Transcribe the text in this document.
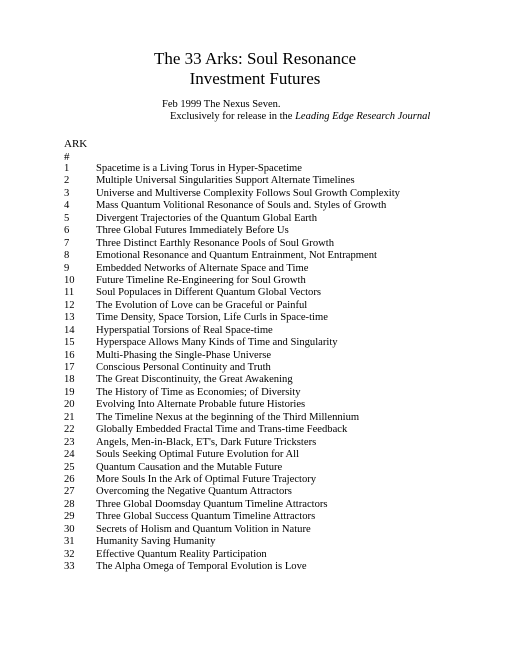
The 33 Arks: Soul Resonance
Investment Futures
Feb 1999 The Nexus Seven.
Exclusively for release in the Leading Edge Research Journal
ARK
#
1	Spacetime is a Living Torus in Hyper-Spacetime
2	Multiple Universal Singularities Support Alternate Timelines
3	Universe and Multiverse Complexity Follows Soul Growth Complexity
4	Mass Quantum Volitional Resonance of Souls and. Styles of Growth
5	Divergent Trajectories of the Quantum Global Earth
6	Three Global Futures Immediately Before Us
7	Three Distinct Earthly Resonance Pools of Soul Growth
8	Emotional Resonance and Quantum Entrainment, Not Entrapment
9	Embedded Networks of Alternate Space and Time
10 Future Timeline Re-Engineering for Soul Growth
11 Soul Populaces in Different Quantum Global Vectors
12 The Evolution of Love can be Graceful or Painful
13 Time Density, Space Torsion, Life Curls in Space-time
14 Hyperspatial Torsions of Real Space-time
15 Hyperspace Allows Many Kinds of Time and Singularity
16 Multi-Phasing the Single-Phase Universe
17 Conscious Personal Continuity and Truth
18 The Great Discontinuity, the Great Awakening
19 The History of Time as Economies; of Diversity
20 Evolving Into Alternate Probable future Histories
21 The Timeline Nexus at the beginning of the Third Millennium
22 Globally Embedded Fractal Time and Trans-time Feedback
23 Angels, Men-in-Black, ET's, Dark Future Tricksters
24 Souls Seeking Optimal Future Evolution for All
25 Quantum Causation and the Mutable Future
26 More Souls In the Ark of Optimal Future Trajectory
27 Overcoming the Negative Quantum Attractors
28 Three Global Doomsday Quantum Timeline Attractors
29 Three Global Success Quantum Timeline Attractors
30 Secrets of Holism and Quantum Volition in Nature
31 Humanity Saving Humanity
32 Effective Quantum Reality Participation
33 The Alpha Omega of Temporal Evolution is Love
